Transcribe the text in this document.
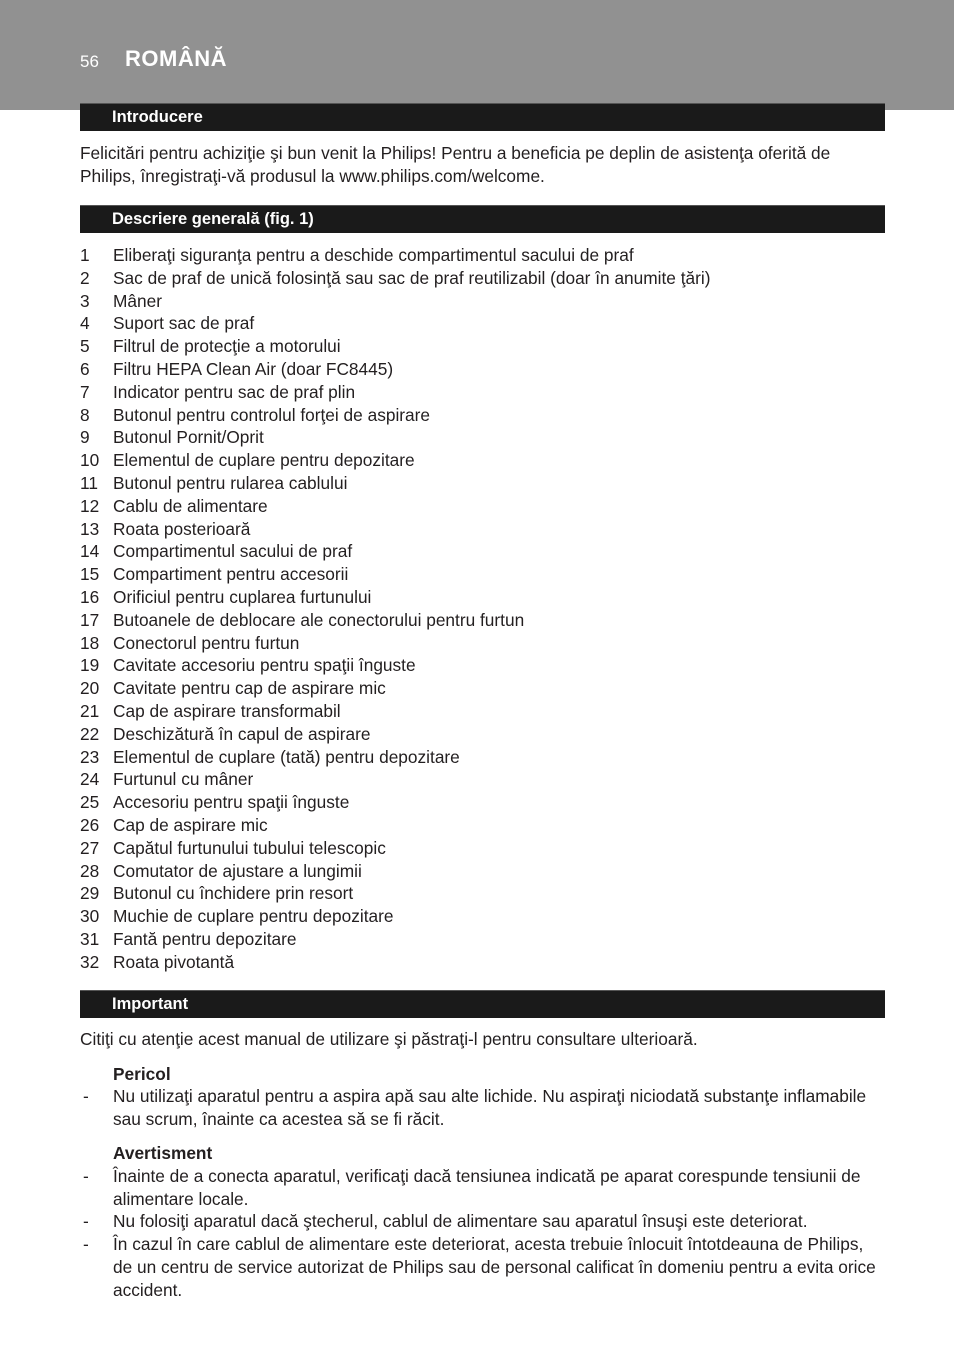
56 ROMÂNĂ
Introducere
Felicitări pentru achiziţie şi bun venit la Philips! Pentru a beneficia pe deplin de asistenţa oferită de Philips, înregistraţi-vă produsul la www.philips.com/welcome.
Descriere generală (fig. 1)
1 Eliberaţi siguranţa pentru a deschide compartimentul sacului de praf
2 Sac de praf de unică folosinţă sau sac de praf reutilizabil (doar în anumite ţări)
3 Mâner
4 Suport sac de praf
5 Filtrul de protecţie a motorului
6 Filtru HEPA Clean Air (doar FC8445)
7 Indicator pentru sac de praf plin
8 Butonul pentru controlul forţei de aspirare
9 Butonul Pornit/Oprit
10 Elementul de cuplare pentru depozitare
11 Butonul pentru rularea cablului
12 Cablu de alimentare
13 Roata posterioară
14 Compartimentul sacului de praf
15 Compartiment pentru accesorii
16 Orificiul pentru cuplarea furtunului
17 Butoanele de deblocare ale conectorului pentru furtun
18 Conectorul pentru furtun
19 Cavitate accesoriu pentru spaţii înguste
20 Cavitate pentru cap de aspirare mic
21 Cap de aspirare transformabil
22 Deschizătură în capul de aspirare
23 Elementul de cuplare (tată) pentru depozitare
24 Furtunul cu mâner
25 Accesoriu pentru spaţii înguste
26 Cap de aspirare mic
27 Capătul furtunului tubului telescopic
28 Comutator de ajustare a lungimii
29 Butonul cu închidere prin resort
30 Muchie de cuplare pentru depozitare
31 Fantă pentru depozitare
32 Roata pivotantă
Important
Citiţi cu atenţie acest manual de utilizare şi păstraţi-l pentru consultare ulterioară.
Pericol
- Nu utilizaţi aparatul pentru a aspira apă sau alte lichide. Nu aspiraţi niciodată substanţe inflamabile sau scrum, înainte ca acestea să se fi răcit.
Avertisment
- Înainte de a conecta aparatul, verificaţi dacă tensiunea indicată pe aparat corespunde tensiunii de alimentare locale.
- Nu folosiţi aparatul dacă ştecherul, cablul de alimentare sau aparatul însuşi este deteriorat.
- În cazul în care cablul de alimentare este deteriorat, acesta trebuie înlocuit întotdeauna de Philips, de un centru de service autorizat de Philips sau de personal calificat în domeniu pentru a evita orice accident.
